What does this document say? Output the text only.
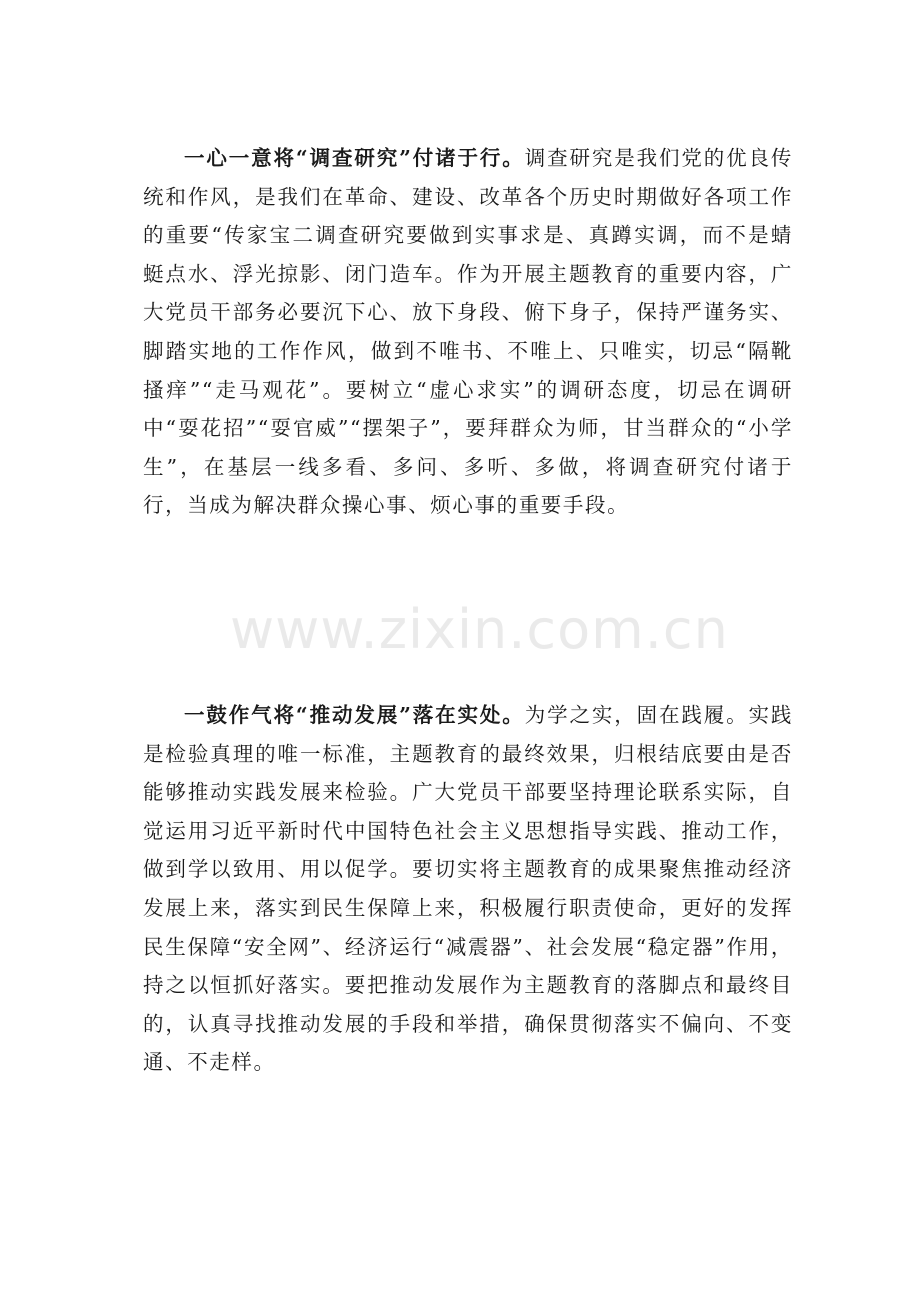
一心一意将“调查研究”付诸于行。调查研究是我们党的优良传统和作风，是我们在革命、建设、改革各个历史时期做好各项工作的重要“传家宝二调查研究要做到实事求是、真蹲实调，而不是蜻蜓点水、浮光掠影、闭门造车。作为开展主题教育的重要内容，广大党员干部务必要沉下心、放下身段、俯下身子，保持严谨务实、脚踏实地的工作作风，做到不唯书、不唯上、只唯实，切忌“隔靴搔痒”“走马观花”。要树立“虚心求实”的调研态度，切忌在调研中“耍花招”“耍官威”“摆架子”，要拜群众为师，甘当群众的“小学生”，在基层一线多看、多问、多听、多做，将调查研究付诸于行，当成为解决群众操心事、烦心事的重要手段。

一鼓作气将“推动发展”落在实处。为学之实，固在践履。实践是检验真理的唯一标准，主题教育的最终效果，归根结底要由是否能够推动实践发展来检验。广大党员干部要坚持理论联系实际，自觉运用习近平新时代中国特色社会主义思想指导实践、推动工作，做到学以致用、用以促学。要切实将主题教育的成果聚焦推动经济发展上来，落实到民生保障上来，积极履行职责使命，更好的发挥民生保障“安全网”、经济运行“减震器”、社会发展“稳定器”作用，持之以恒抓好落实。要把推动发展作为主题教育的落脚点和最终目的，认真寻找推动发展的手段和举措，确保贯彻落实不偏向、不变通、不走样。

www.zixin.com.cn
